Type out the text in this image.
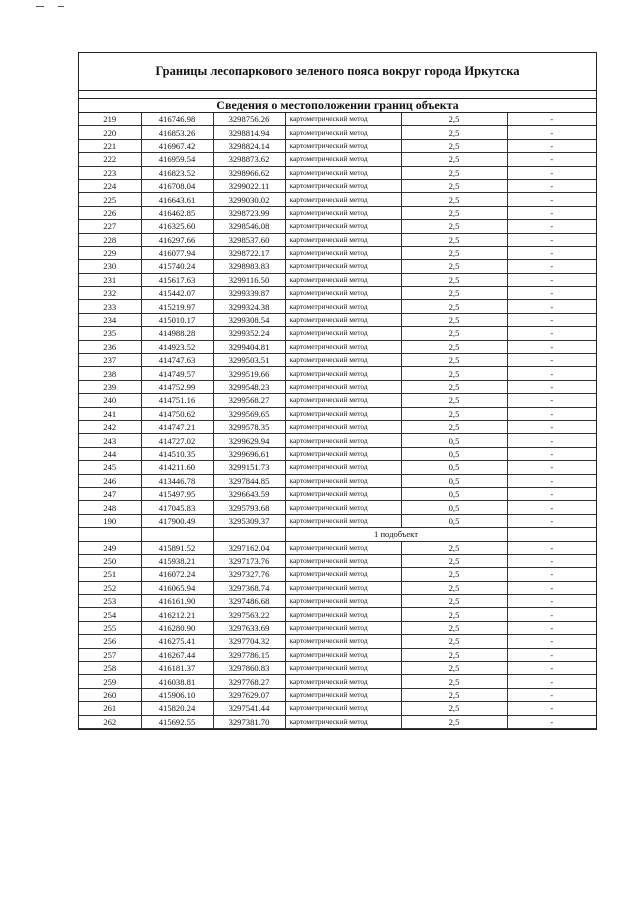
Границы лесопаркового зеленого пояса вокруг города Иркутска
Сведения о местоположении границ объекта
219	416746.98	3298756.26	картометрический метод	2,5	-
220	416853.26	3298814.94	картометрический метод	2,5	-
221	416967.42	3298824.14	картометрический метод	2,5	-
222	416959.54	3298873.62	картометрический метод	2,5	-
223	416823.52	3298966.62	картометрический метод	2,5	-
224	416708.04	3299022.11	картометрический метод	2,5	-
225	416643.61	3299030.02	картометрический метод	2,5	-
226	416462.85	3298723.99	картометрический метод	2,5	-
227	416325.60	3298546.08	картометрический метод	2,5	-
228	416297.66	3298537.60	картометрический метод	2,5	-
229	416077.94	3298722.17	картометрический метод	2,5	-
230	415740.24	3298983.83	картометрический метод	2,5	-
231	415617.63	3299116.50	картометрический метод	2,5	-
232	415442.07	3299339.87	картометрический метод	2,5	-
233	415219.97	3299324.38	картометрический метод	2,5	-
234	415010.17	3299308.54	картометрический метод	2,5	-
235	414988.28	3299352.24	картометрический метод	2,5	-
236	414923.52	3299404.81	картометрический метод	2,5	-
237	414747.63	3299503.51	картометрический метод	2,5	-
238	414749.57	3299519.66	картометрический метод	2,5	-
239	414752.99	3299548.23	картометрический метод	2,5	-
240	414751.16	3299568.27	картометрический метод	2,5	-
241	414750.62	3299569.65	картометрический метод	2,5	-
242	414747.21	3299578.35	картометрический метод	2,5	-
243	414727.02	3299629.94	картометрический метод	0,5	-
244	414510.35	3299696.61	картометрический метод	0,5	-
245	414211.60	3299151.73	картометрический метод	0,5	-
246	413446.78	3297844.85	картометрический метод	0,5	-
247	415497.95	3296643.59	картометрический метод	0,5	-
248	417045.83	3295793.68	картометрический метод	0,5	-
190	417900.49	3295309.37	картометрический метод	0,5	-
			1 подобъект		
249	415891.52	3297162.04	картометрический метод	2,5	-
250	415938.21	3297173.76	картометрический метод	2,5	-
251	416072.24	3297327.76	картометрический метод	2,5	-
252	416065.94	3297368.74	картометрический метод	2,5	-
253	416161.90	3297486.68	картометрический метод	2,5	-
254	416212.21	3297563.22	картометрический метод	2,5	-
255	416280.90	3297633.69	картометрический метод	2,5	-
256	416275.41	3297704.32	картометрический метод	2,5	-
257	416267.44	3297786.15	картометрический метод	2,5	-
258	416181.37	3297860.83	картометрический метод	2,5	-
259	416038.81	3297768.27	картометрический метод	2,5	-
260	415906.10	3297629.07	картометрический метод	2,5	-
261	415820.24	3297541.44	картометрический метод	2,5	-
262	415692.55	3297381.70	картометрический метод	2,5	-
